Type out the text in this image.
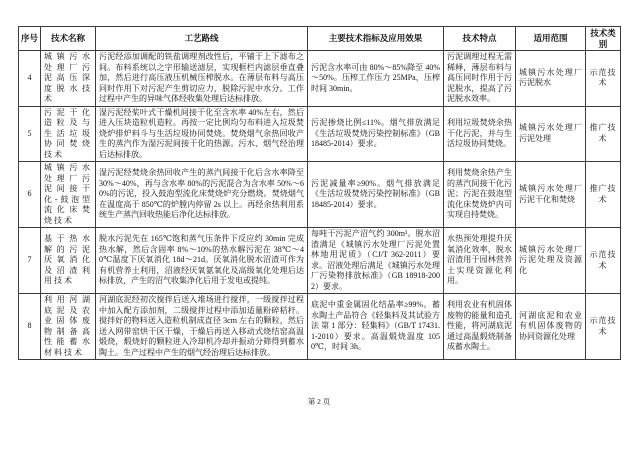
序号	技术名称	工艺路线	主要技术指标及应用效果	技术特点	适用范围	技术类别
4	城镇污水处理厂污泥高压深度脱水技术	污泥经添加调配的铁盐调理剂改性后，平铺于上下滤布之间。布料系统以之字形输送滤层，实现框栏内滤层垂直叠加，然后进行高压液压机械压榨脱水。在薄层布料与高压同时作用下对污泥产生剪切应力，脱除污泥中水分。工作过程中产生的异味气体经收集处理后达标排放。	污泥含水率可由 80%～85%降至 40%～50%。压榨工作压力 25MPa，压榨时间 30min。	污泥调理过程无需稀释，薄层布料与高压同时作用于污泥脱水，提高了污泥脱水效率。	城镇污水处理厂污泥脱水	示范技术
5	污泥干化造粒及与生活垃圾协同焚烧技术	湿污泥经桨叶式干燥机间接干化至含水率 40%左右，然后进入压块造粒机造粒。再按一定比例均匀布料进入垃圾焚烧炉排炉料斗与生活垃圾协同焚烧。焚烧烟气余热回收产生的蒸汽作为湿污泥间接干化的热源。污水、烟气经治理后达标排放。	污泥掺烧比例≤11%。烟气排放满足《生活垃圾焚烧污染控制标准》（GB 18485-2014）要求。	利用垃圾焚烧余热干化污泥，并与生活垃圾协同焚烧。	城镇污水处理厂污泥处理	推广技术
6	城镇污水处理厂污泥间接干化-鼓泡型流化床焚烧技术	湿污泥经焚烧余热回收产生的蒸汽间接干化后含水率降至 30%～40%，再与含水率 80%的污泥混合为含水率 50%～60%的污泥，投入鼓泡型流化床焚烧炉充分燃烧。焚烧烟气在温度高于 850℃的炉膛内停留 2s 以上。再经余热利用系统生产蒸汽回收热能后净化达标排放。	污泥减量率≥90%。烟气排放满足《生活垃圾焚烧污染控制标准》（GB 18485-2014）要求。	利用焚烧余热产生的蒸汽间接干化污泥；污泥在鼓泡型流化床焚烧炉内可实现自持焚烧。	城镇污水处理厂污泥干化和焚烧	推广技术
7	基于热水解的污泥厌氧消化及沼渣利用技术	脱水污泥先在 165℃饱和蒸气压条件下反应约 30min 完成热水解，然后含固率 8%～10%的热水解污泥在 38℃～40℃温度下厌氧消化 18d～21d。厌氧消化脱水沼渣可作为有机营养土利用，沼液经厌氧氨氧化及高级氧化处理后达标排放，产生的沼气收集净化后用于发电或提纯。	每吨干污泥产沼气约 300m³。脱水沼渣满足《城镇污水处理厂污泥处置 林地用泥质》（CJ/T 362-2011）要求。沼液处理后满足《城镇污水处理厂污染物排放标准》（GB 18918-2002）要求。	水热预处理提升厌氧消化效率，脱水沼渣用于园林营养土实现资源化利用。	城镇污水处理厂污泥处理及资源化	示范技术
8	利用河湖底泥及农业固体废物制备高性能蓄水材料技术	河湖底泥经初次搅拌后送入堆场进行搅拌，一级搅拌过程中加入配方添加剂，二级搅拌过程中添加适量粉碎秸秆。搅拌好的物料送入造粒机制成直径 3cm 左右的颗粒，然后送入网带窑烘干区干燥，干燥后再送入移动式烧结窑高温煅烧，煅烧好的颗粒进入冷却机冷却并振动分筛得到蓄水陶土。生产过程中产生的烟气经治理后达标排放。	底泥中重金属固化结晶率≥99%。蓄水陶土产品符合《轻集料及其试验方法 第 1 部分：轻集料》（GB/T 17431.1-2010）要求。高温煅烧温度 1050℃，时间 3h。	利用农业有机固体废物的能量和造孔性能，将河湖底泥通过高温煅烧制备成蓄水陶土。	河湖底泥和农业有机固体废物的协同资源化处理	示范技术
第 2 页
